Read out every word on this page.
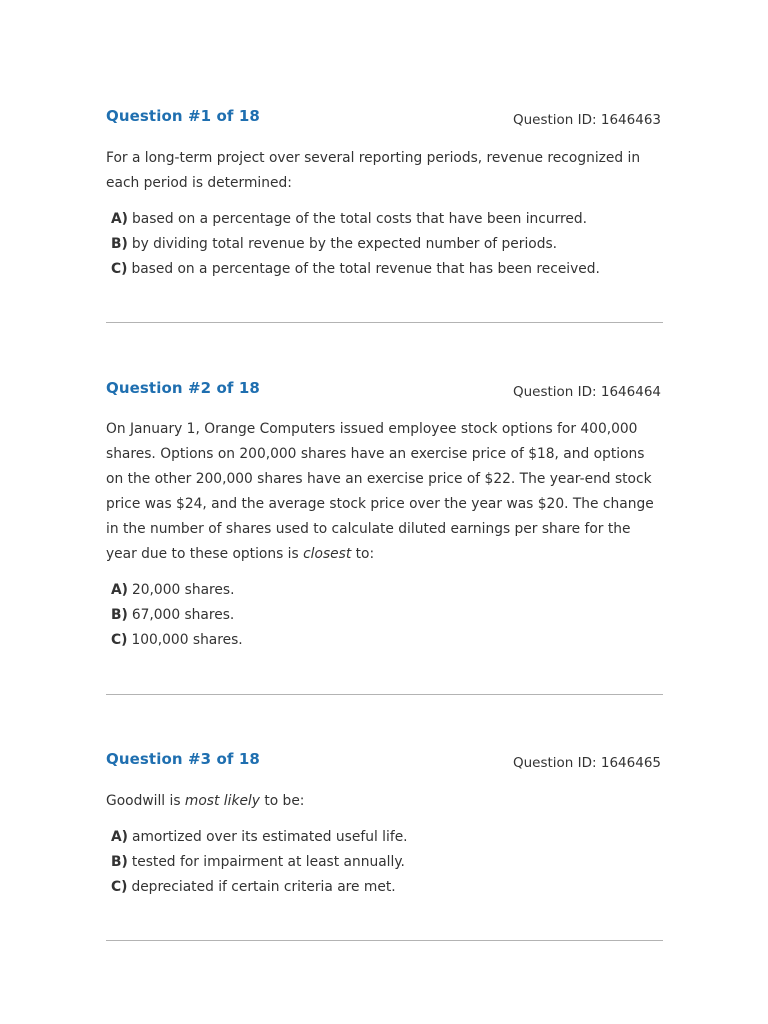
Question #1 of 18	Question ID: 1646463
For a long-term project over several reporting periods, revenue recognized in each period is determined:
A) based on a percentage of the total costs that have been incurred.
B) by dividing total revenue by the expected number of periods.
C) based on a percentage of the total revenue that has been received.
Question #2 of 18	Question ID: 1646464
On January 1, Orange Computers issued employee stock options for 400,000 shares. Options on 200,000 shares have an exercise price of $18, and options on the other 200,000 shares have an exercise price of $22. The year-end stock price was $24, and the average stock price over the year was $20. The change in the number of shares used to calculate diluted earnings per share for the year due to these options is closest to:
A) 20,000 shares.
B) 67,000 shares.
C) 100,000 shares.
Question #3 of 18	Question ID: 1646465
Goodwill is most likely to be:
A) amortized over its estimated useful life.
B) tested for impairment at least annually.
C) depreciated if certain criteria are met.
